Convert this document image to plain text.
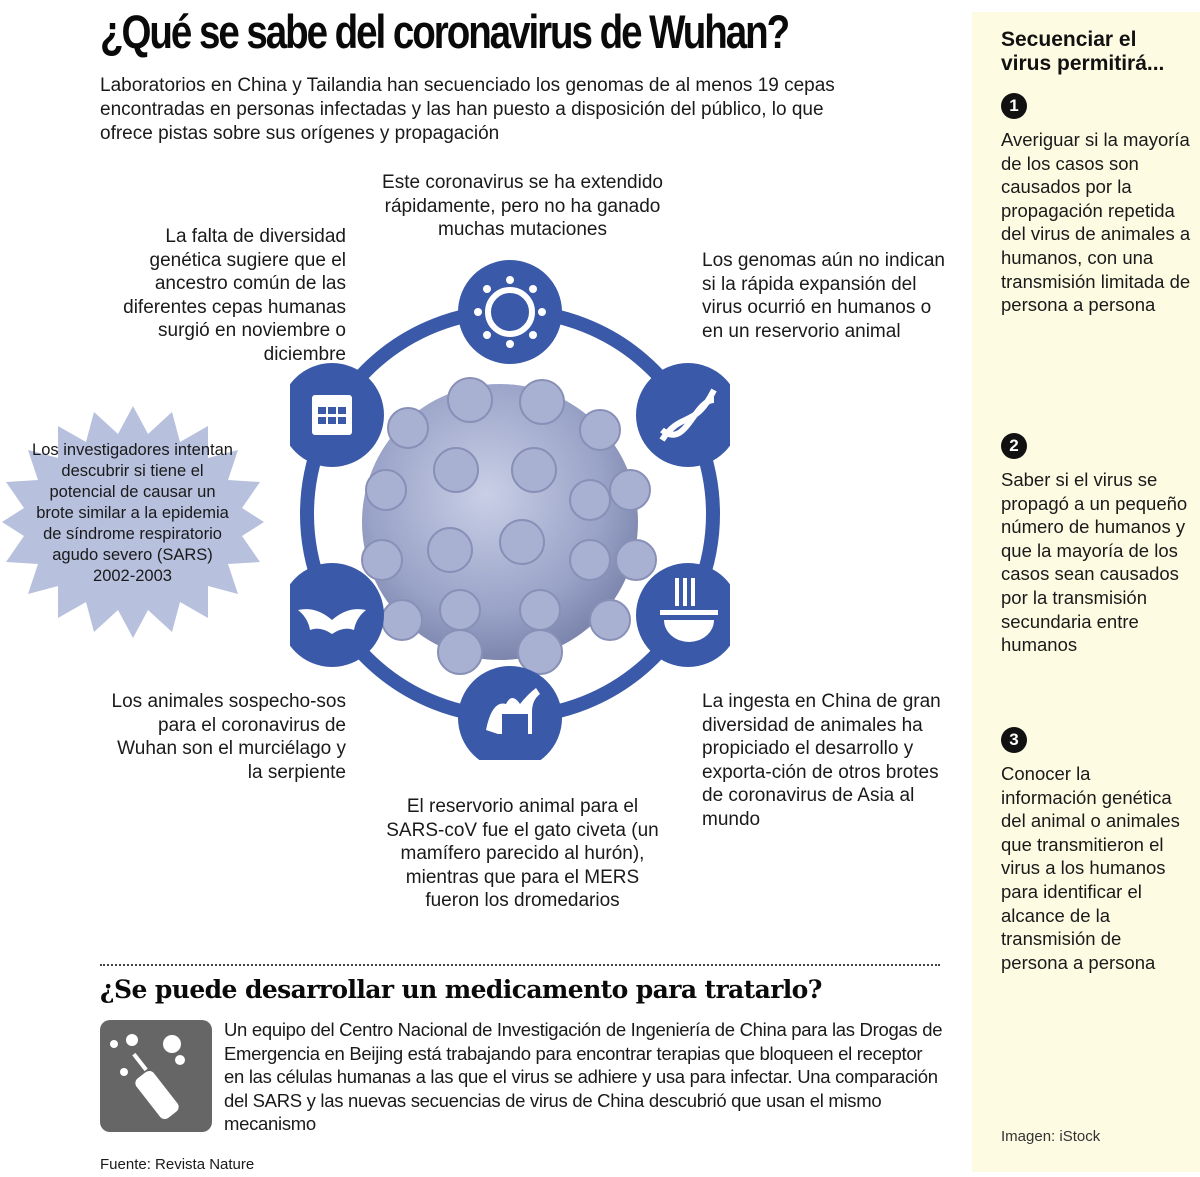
Secuenciar el virus permitirá...
1
Averiguar si la mayoría de los casos son causados por la propagación repetida del virus de animales a humanos, con una transmisión limitada de persona a persona
2
Saber si el virus se propagó a un pequeño número de humanos y que la mayoría de los casos sean causados por la transmisión secundaria entre humanos
3
Conocer la información genética del animal o animales que transmitieron el virus a los humanos para identificar el alcance de la transmisión de persona a persona
Imagen: iStock
¿Qué se sabe del coronavirus de Wuhan?
Laboratorios en China y Tailandia han secuenciado los genomas de al menos 19 cepas encontradas en personas infectadas y las han puesto a disposición del público, lo que ofrece pistas sobre sus orígenes y propagación
Los investigadores intentan descubrir si tiene el potencial de causar un brote similar a la epidemia de síndrome respiratorio agudo severo (SARS) 2002-2003
Este coronavirus se ha extendido rápidamente, pero no ha ganado muchas mutaciones
Los genomas aún no indican si la rápida expansión del virus ocurrió en humanos o en un reservorio animal
La ingesta en China de gran diversidad de animales ha propiciado el desarrollo y exporta-ción de otros brotes de coronavirus de Asia al mundo
El reservorio animal para el SARS-coV fue el gato civeta (un mamífero parecido al hurón), mientras que para el MERS fueron los dromedarios
Los animales sospecho-sos para el coronavirus de Wuhan son el murciélago y la serpiente
La falta de diversidad genética sugiere que el ancestro común de las diferentes cepas humanas surgió en noviembre o diciembre
¿Se puede desarrollar un medicamento para tratarlo?
Un equipo del Centro Nacional de Investigación de Ingeniería de China para las Drogas de Emergencia en Beijing está trabajando para encontrar terapias que bloqueen el receptor en las células humanas a las que el virus se adhiere y usa para infectar. Una comparación del SARS y las nuevas secuencias de virus de China descubrió que usan el mismo mecanismo
Fuente: Revista Nature
